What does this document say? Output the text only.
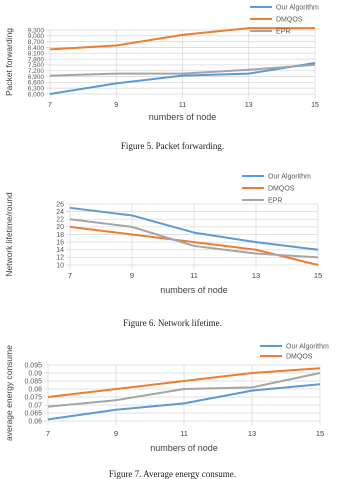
6,000
6,300
6,600
6,900
7,200
7,500
7,800
8,100
8,400
8,700
9,000
9,300
7	9	11	13	15
numbers of node
Packet forwarding
Our Algorithm
DMQOS
EPR
Figure 5. Packet forwarding.
10
12
14
16
18
20
22
24
26
7	9	11	13	15
numbers of node
Network lifetime/round
Our Algorithm
DMQOS
EPR
Figure 6. Network lifetime.
0.06
0.065
0.07
0.075
0.08
0.085
0.09
0.095
7	9	11	13	15
numbers of node
average energy consume	Our Algorithm
DMQOS
Figure 7. Average energy consume.
